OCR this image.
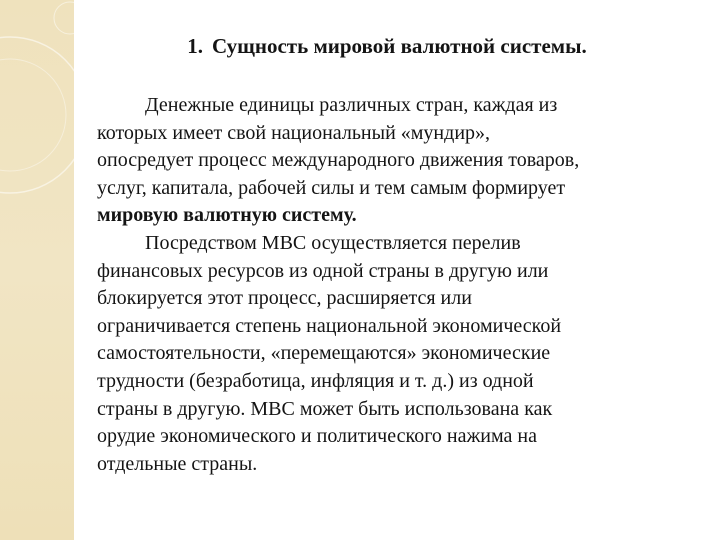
1. Сущность мировой валютной системы.
Денежные единицы различных стран, каждая из
которых имеет свой национальный «мундир»,
опосредует процесс международного движения товаров,
услуг, капитала, рабочей силы и тем самым формирует
мировую валютную систему.
Посредством МВС осуществляется перелив
финансовых ресурсов из одной страны в другую или
блокируется этот процесс, расширяется или
ограничивается степень национальной экономической
самостоятельности, «перемещаются» экономические
трудности (безработица, инфляция и т. д.) из одной
страны в другую. МВС может быть использована как
орудие экономического и политического нажима на
отдельные страны.
